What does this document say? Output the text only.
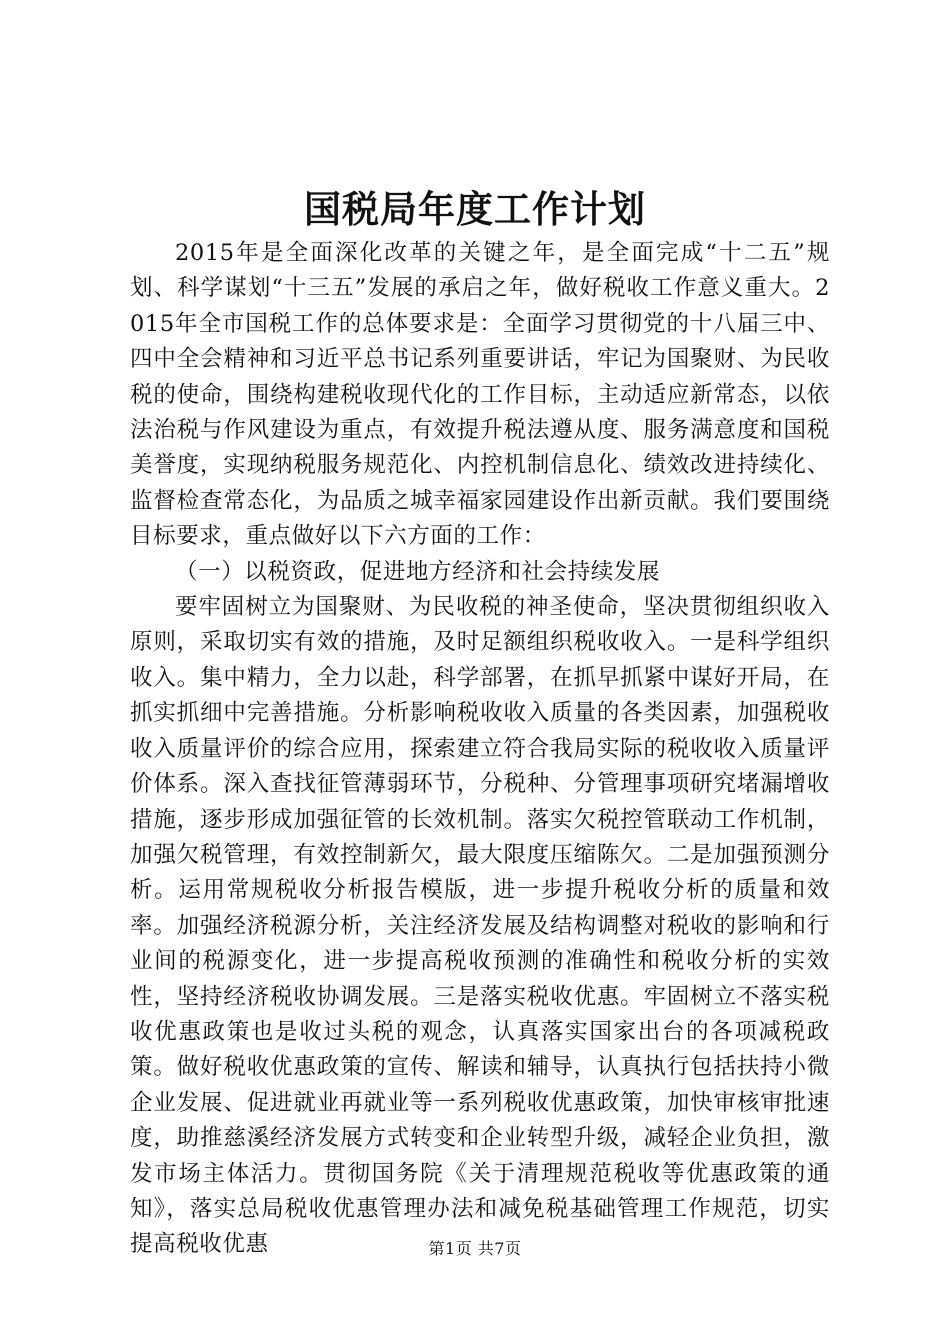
国税局年度工作计划

2015年是全面深化改革的关键之年，是全面完成“十二五”规划、科学谋划“十三五”发展的承启之年，做好税收工作意义重大。2015年全市国税工作的总体要求是：全面学习贯彻党的十八届三中、四中全会精神和习近平总书记系列重要讲话，牢记为国聚财、为民收税的使命，围绕构建税收现代化的工作目标，主动适应新常态，以依法治税与作风建设为重点，有效提升税法遵从度、服务满意度和国税美誉度，实现纳税服务规范化、内控机制信息化、绩效改进持续化、监督检查常态化，为品质之城幸福家园建设作出新贡献。我们要围绕目标要求，重点做好以下六方面的工作：

（一）以税资政，促进地方经济和社会持续发展

要牢固树立为国聚财、为民收税的神圣使命，坚决贯彻组织收入原则，采取切实有效的措施，及时足额组织税收收入。一是科学组织收入。集中精力，全力以赴，科学部署，在抓早抓紧中谋好开局，在抓实抓细中完善措施。分析影响税收收入质量的各类因素，加强税收收入质量评价的综合应用，探索建立符合我局实际的税收收入质量评价体系。深入查找征管薄弱环节，分税种、分管理事项研究堵漏增收措施，逐步形成加强征管的长效机制。落实欠税控管联动工作机制，加强欠税管理，有效控制新欠，最大限度压缩陈欠。二是加强预测分析。运用常规税收分析报告模版，进一步提升税收分析的质量和效率。加强经济税源分析，关注经济发展及结构调整对税收的影响和行业间的税源变化，进一步提高税收预测的准确性和税收分析的实效性，坚持经济税收协调发展。三是落实税收优惠。牢固树立不落实税收优惠政策也是收过头税的观念，认真落实国家出台的各项减税政策。做好税收优惠政策的宣传、解读和辅导，认真执行包括扶持小微企业发展、促进就业再就业等一系列税收优惠政策，加快审核审批速度，助推慈溪经济发展方式转变和企业转型升级，减轻企业负担，激发市场主体活力。贯彻国务院《关于清理规范税收等优惠政策的通知》，落实总局税收优惠管理办法和减免税基础管理工作规范，切实提高税收优惠	第1页 共7页
